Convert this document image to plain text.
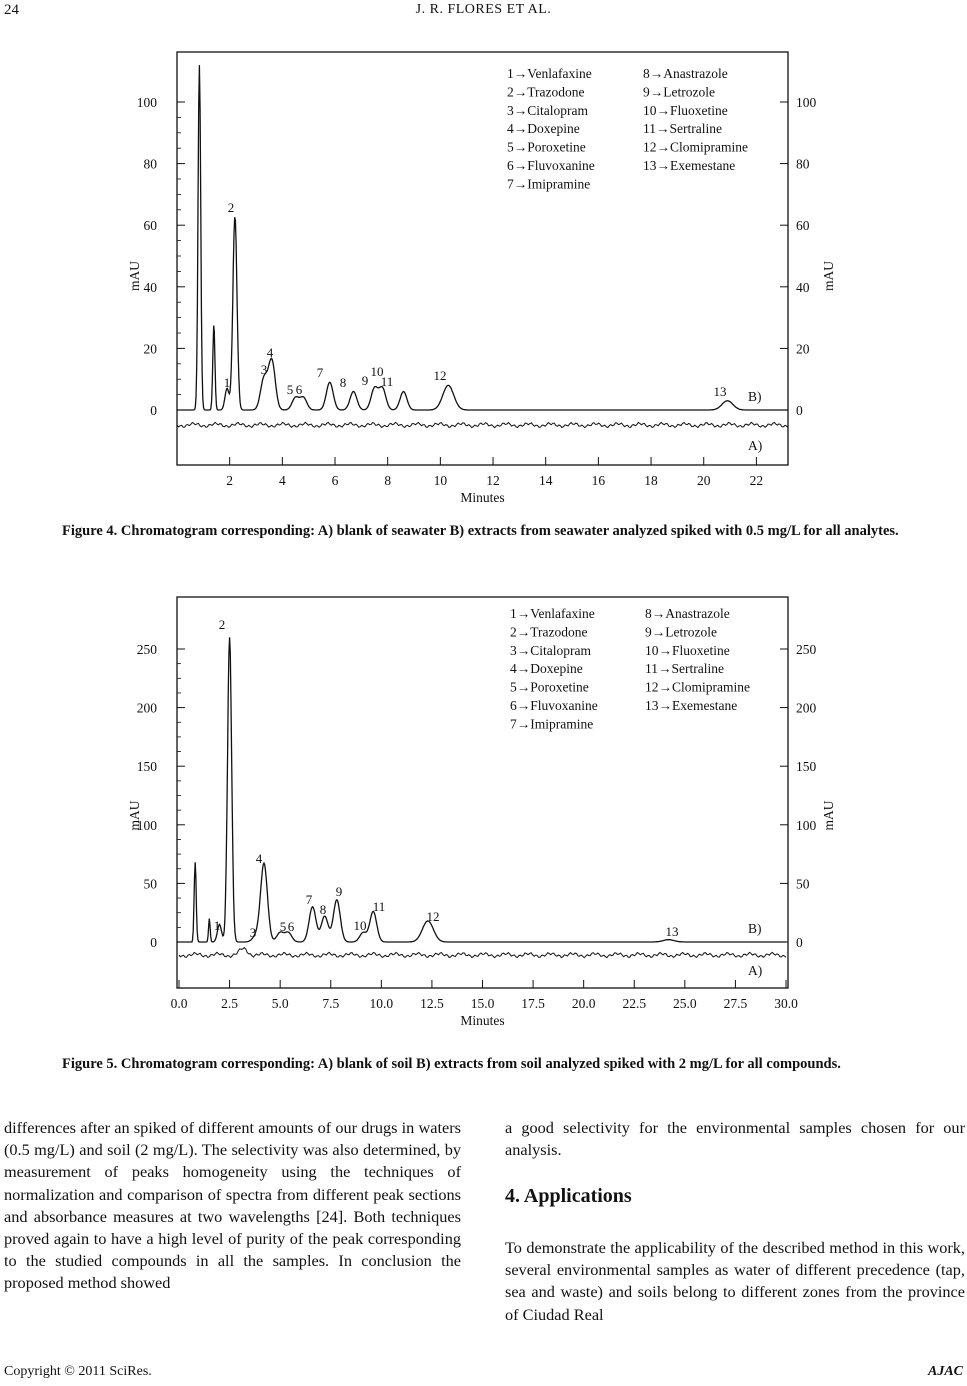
24	J. R. FLORES ET AL.
0	0
20	20
40	40
60	60
80	80
100	100
2	4	6	8	10	12	14	16	18	20	22
Minutes
mAU	mAU
1
2
3
4
5 6
7
8 9
10
11	12
13 B)
A)
1→Venlafaxine
2→Trazodone
3→Citalopram
4→Doxepine
5→Poroxetine
6→Fluvoxanine
7→Imipramine
8→Anastrazole
9→Letrozole
10→Fluoxetine
11→Sertraline
12→Clomipramine
13→Exemestane
Figure 4. Chromatogram corresponding: A) blank of seawater B) extracts from seawater analyzed spiked with 0.5 mg/L for all analytes.
0	0
50	50
100	100
150	150
200	200
250	250
0.0 2.5 5.0 7.5 10.0 12.5 15.0 17.5 20.0 22.5 25.0 27.5 30.0
Minutes
mAU	mAU
1
2
3
4
5 6
7
8
9
10
11
12
13	B)
A)
1→Venlafaxine
2→Trazodone
3→Citalopram
4→Doxepine
5→Poroxetine
6→Fluvoxanine
7→Imipramine
8→Anastrazole
9→Letrozole
10→Fluoxetine
11→Sertraline
12→Clomipramine
13→Exemestane
Figure 5. Chromatogram corresponding: A) blank of soil B) extracts from soil analyzed spiked with 2 mg/L for all compounds.
differences after an spiked of different amounts of our drugs in waters (0.5 mg/L) and soil (2 mg/L). The selectivity was also determined, by measurement of peaks homogeneity using the techniques of normalization and comparison of spectra from different peak sections and absorbance measures at two wavelengths [24]. Both techniques proved again to have a high level of purity of the peak corresponding to the studied compounds in all the samples. In conclusion the proposed method showed
a good selectivity for the environmental samples chosen for our analysis.
4. Applications
To demonstrate the applicability of the described method in this work, several environmental samples as water of different precedence (tap, sea and waste) and soils belong to different zones from the province of Ciudad Real
Copyright © 2011 SciRes.	AJAC
